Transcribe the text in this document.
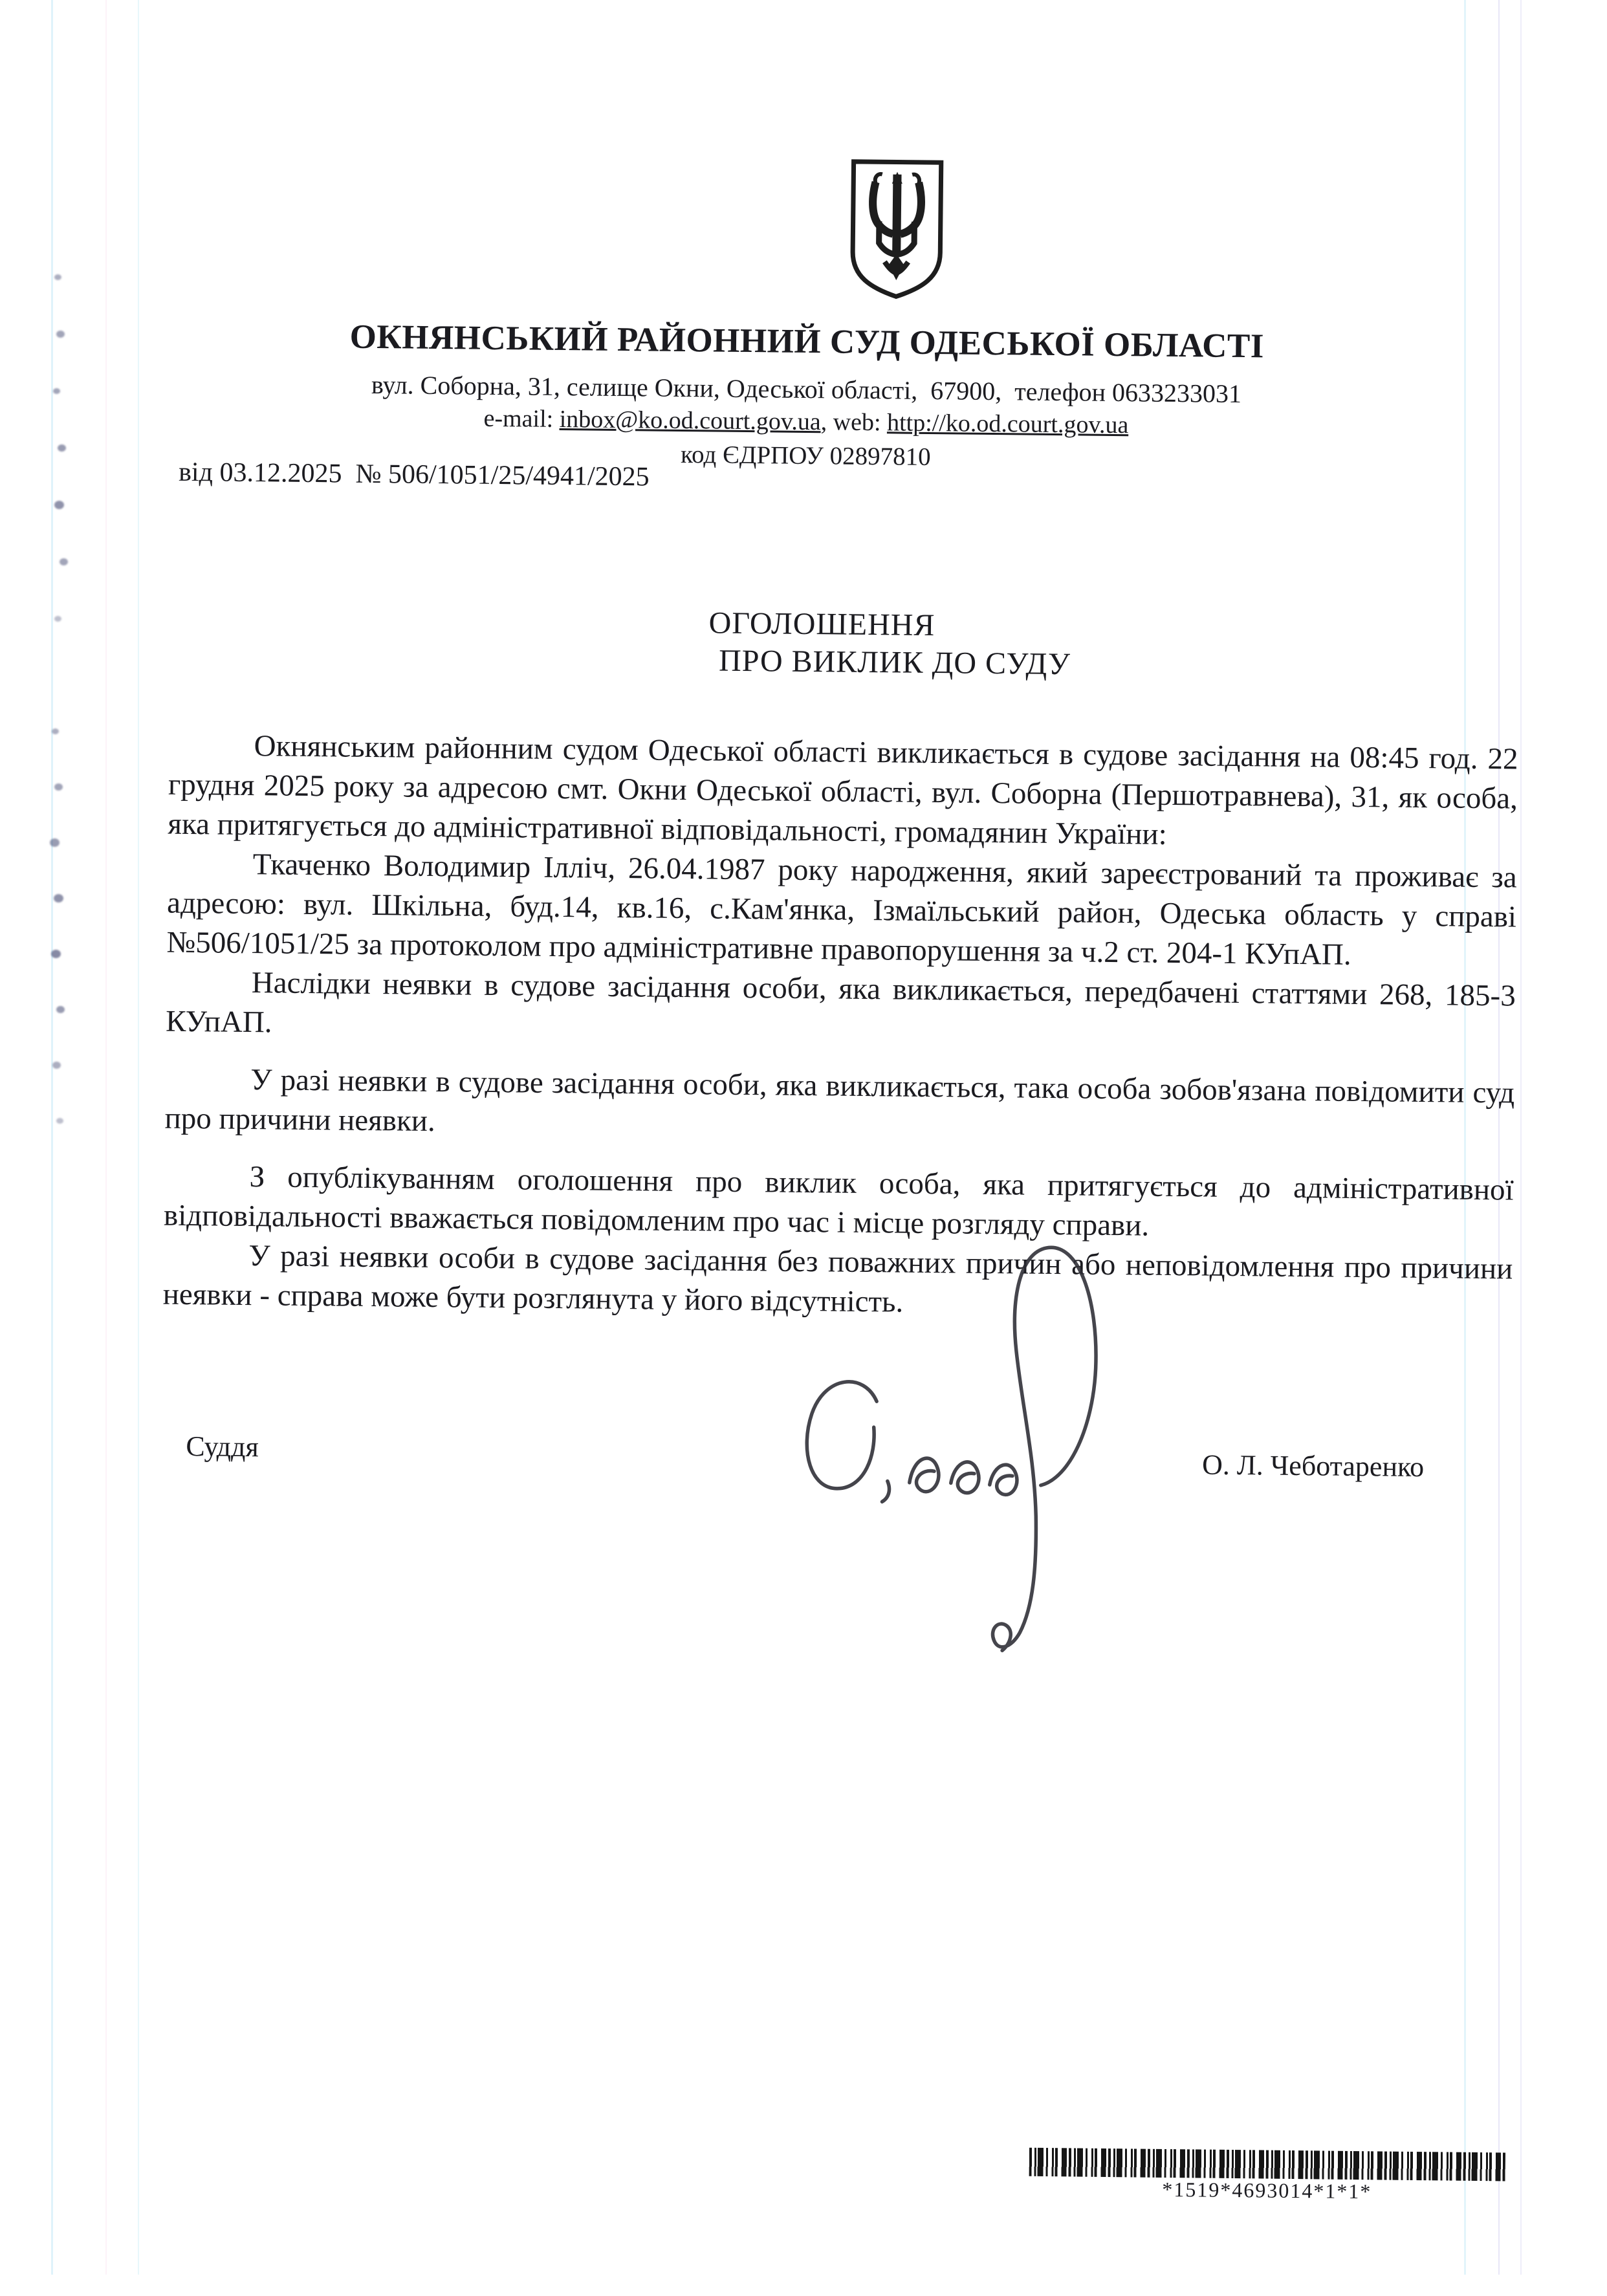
ОКНЯНСЬКИЙ РАЙОННИЙ СУД ОДЕСЬКОЇ ОБЛАСТІ
вул. Соборна, 31, селище Окни, Одеської області,  67900,  телефон 0633233031
e-mail: inbox@ko.od.court.gov.ua, web: http://ko.od.court.gov.ua
код ЄДРПОУ 02897810
від 03.12.2025  № 506/1051/25/4941/2025
ОГОЛОШЕННЯ
ПРО ВИКЛИК ДО СУДУ

Окнянським районним судом Одеської області викликається в судове засідання на 08:45 год. 22 грудня 2025 року за адресою смт. Окни Одеської області, вул. Соборна (Першотравнева), 31, як особа, яка притягується до адміністративної відповідальності, громадянин України:

Ткаченко Володимир Ілліч, 26.04.1987 року народження, який зареєстрований та проживає за адресою: вул. Шкільна, буд.14, кв.16, с.Кам'янка, Ізмаїльський район, Одеська область у справі №506/1051/25 за протоколом про адміністративне правопорушення за ч.2 ст. 204-1 КУпАП.

Наслідки неявки в судове засідання особи, яка викликається, передбачені статтями 268, 185-3 КУпАП.

У разі неявки в судове засідання особи, яка викликається, така особа зобов'язана повідомити суд про причини неявки.

З опублікуванням оголошення про виклик особа, яка притягується до адміністративної відповідальності вважається повідомленим про час і місце розгляду справи.

У разі неявки особи в судове засідання без поважних причин або неповідомлення про причини неявки - справа може бути розглянута у його відсутність.

Суддя
О. Л. Чеботаренко
*1519*4693014*1*1*
